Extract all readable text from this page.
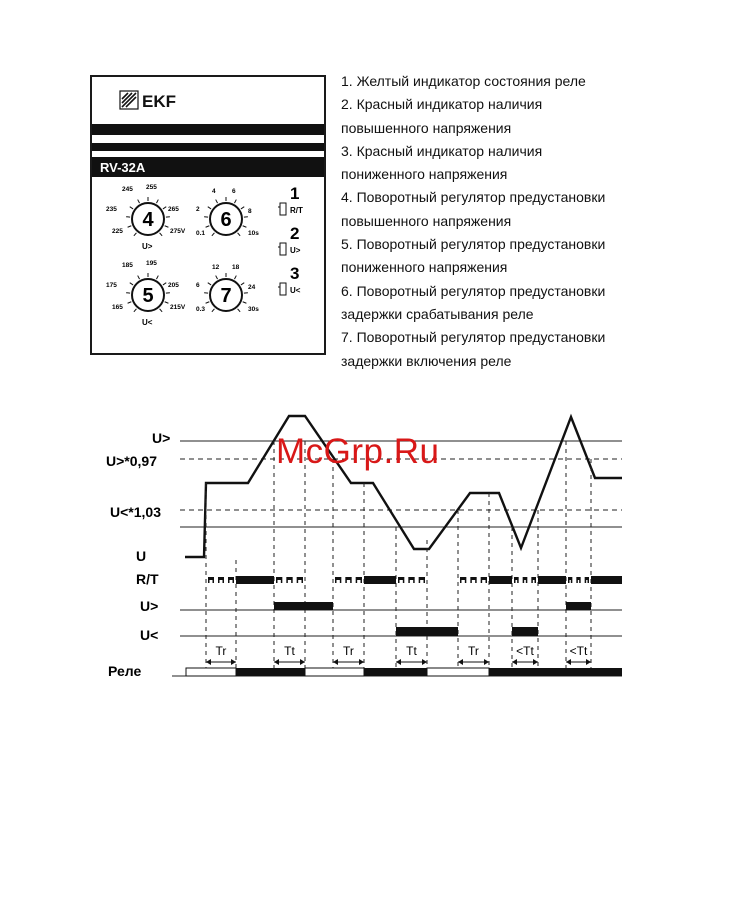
EKF
RV-32A
4
225
235
245 255
265
275V
U>
6
0.1
2
4	6
8
10s
5
165
175
185 195
205
215V
U<
7
0.3
6
12 18
24
30s
1
R/T
2
U>
3
U<
1. Желтый индикатор состояния реле
2. Красный индикатор наличия
повышенного напряжения
3. Красный индикатор наличия
пониженного напряжения
4. Поворотный регулятор предустановки
повышенного напряжения
5. Поворотный регулятор предустановки
пониженного напряжения
6. Поворотный регулятор предустановки
задержки срабатывания реле
7. Поворотный регулятор предустановки
задержки включения реле
U>
U>*0,97
U<*1,03
U
R/T
U>
U<
Реле
Tr	Tt	Tr	Tt	Tr	<Tt	<Tt
McGrp.Ru
